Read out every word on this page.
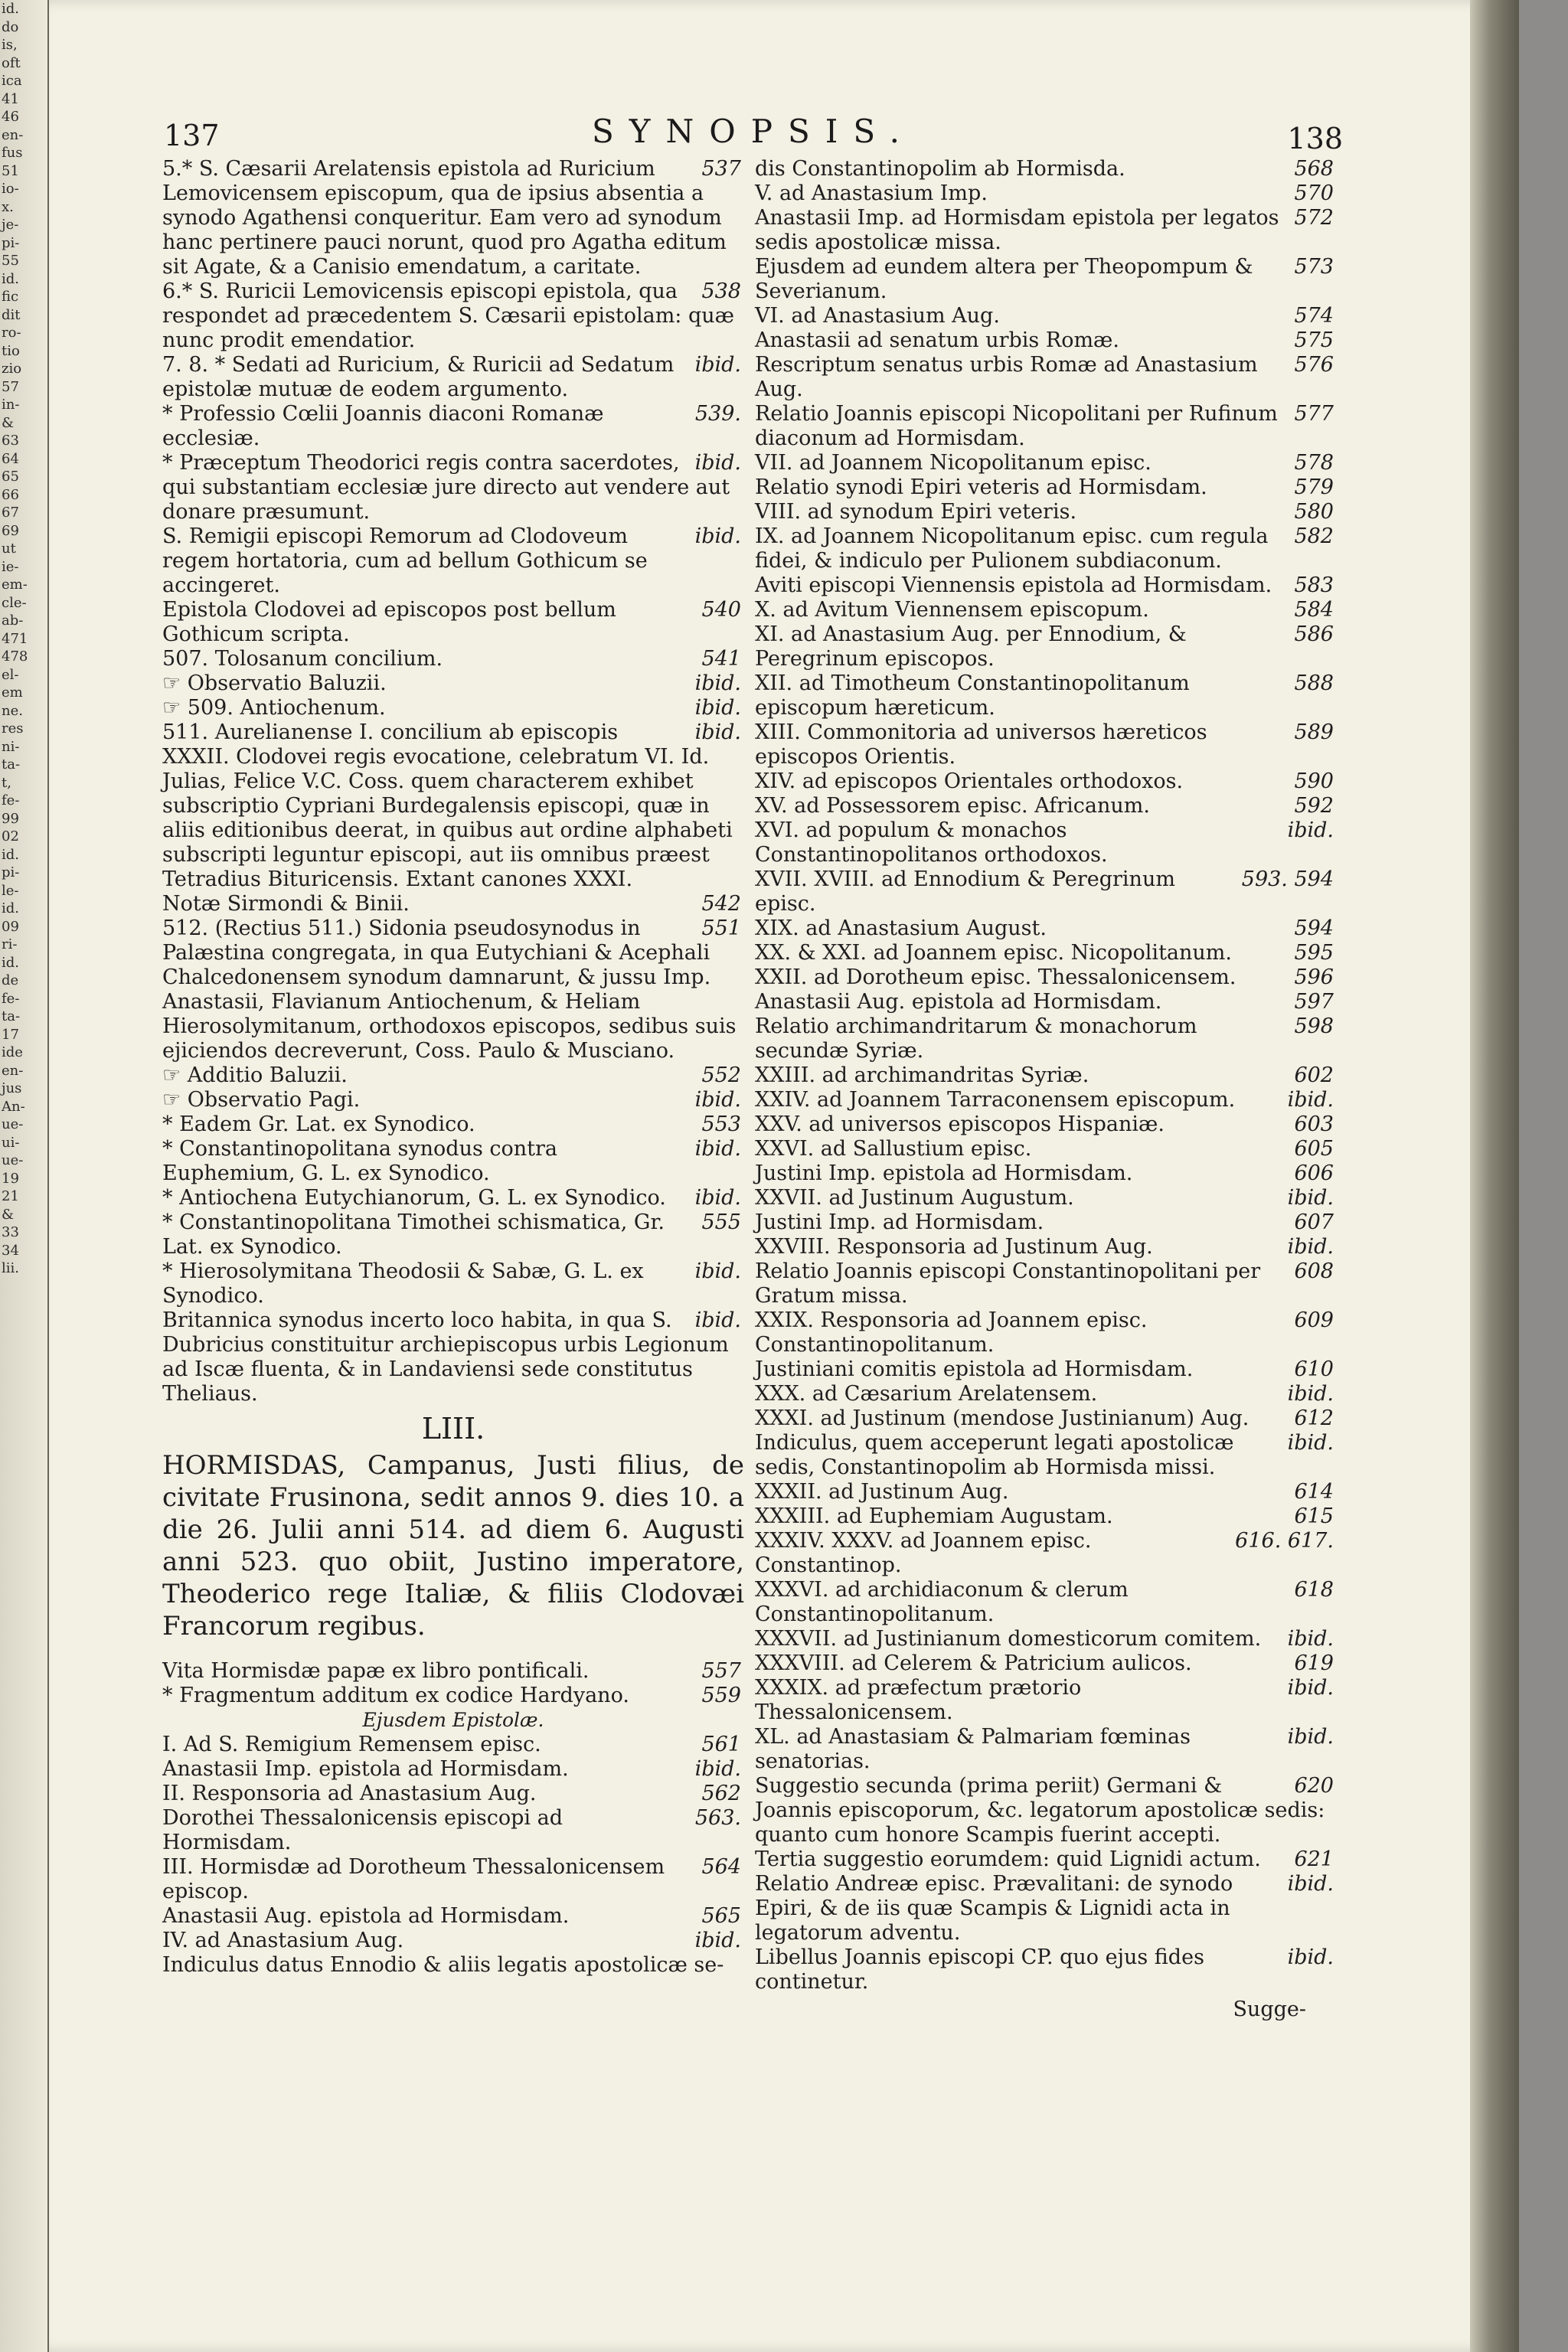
id.
do
is,
oft
ica
41
46
en-
fus
51
io-
x.
je-
pi-
55
id.
fic
dit
ro-
tio
zio
57
in-
&
63
64
65
66
67
69
ut
ie-
em-
cle-
ab-
471
478
el-
em
ne.
res
ni-
ta-
t,
fe-
99
02
id.
pi-
le-
id.
09
ri-
id.
de
fe-
ta-
17
ide
en-
jus
An-
ue-
ui-
ue-
19
21
&
33
34
lii.
137	SYNOPSIS.	138
537
5.* S. Cæsarii Arelatensis epistola ad Ruricium Lemovicensem episcopum, qua de ipsius absentia a synodo Agathensi conqueritur. Eam vero ad synodum hanc pertinere pauci norunt, quod pro Agatha editum sit Agate, & a Canisio emendatum, a caritate.
538
6.* S. Ruricii Lemovicensis episcopi epistola, qua respondet ad præcedentem S. Cæsarii epistolam: quæ nunc prodit emendatior.
ibid.
7. 8. * Sedati ad Ruricium, & Ruricii ad Sedatum epistolæ mutuæ de eodem argumento.
539.
* Professio Cœlii Joannis diaconi Romanæ ecclesiæ.
ibid.
* Præceptum Theodorici regis contra sacerdotes, qui substantiam ecclesiæ jure directo aut vendere aut donare præsumunt.
ibid.
S. Remigii episcopi Remorum ad Clodoveum regem hortatoria, cum ad bellum Gothicum se accingeret.
540
Epistola Clodovei ad episcopos post bellum Gothicum scripta.
541
507. Tolosanum concilium.
ibid.
☞ Observatio Baluzii.
ibid.
☞ 509. Antiochenum.
ibid.
511. Aurelianense I. concilium ab episcopis XXXII. Clodovei regis evocatione, celebratum VI. Id. Julias, Felice V.C. Coss. quem characterem exhibet subscriptio Cypriani Burdegalensis episcopi, quæ in aliis editionibus deerat, in quibus aut ordine alphabeti subscripti leguntur episcopi, aut iis omnibus præest Tetradius Bituricensis. Extant canones XXXI.
542
Notæ Sirmondi & Binii.
551
512. (Rectius 511.) Sidonia pseudosynodus in Palæstina congregata, in qua Eutychiani & Acephali Chalcedonensem synodum damnarunt, & jussu Imp. Anastasii, Flavianum Antiochenum, & Heliam Hierosolymitanum, orthodoxos episcopos, sedibus suis ejiciendos decreverunt, Coss. Paulo & Musciano.
552
☞ Additio Baluzii.
ibid.
☞ Observatio Pagi.
553
* Eadem Gr. Lat. ex Synodico.
ibid.
* Constantinopolitana synodus contra Euphemium, G. L. ex Synodico.
ibid.
* Antiochena Eutychianorum, G. L. ex Synodico.
555
* Constantinopolitana Timothei schismatica, Gr. Lat. ex Synodico.
ibid.
* Hierosolymitana Theodosii & Sabæ, G. L. ex Synodico.
ibid.
Britannica synodus incerto loco habita, in qua S. Dubricius constituitur archiepiscopus urbis Legionum ad Iscæ fluenta, & in Landaviensi sede constitutus Theliaus.
LIII.
HORMISDAS, Campanus, Justi filius, de civitate Frusinona, sedit annos 9. dies 10. a die 26. Julii anni 514. ad diem 6. Augusti anni 523. quo obiit, Justino imperatore, Theoderico rege Italiæ, & filiis Clodovæi Francorum regibus.
557
Vita Hormisdæ papæ ex libro pontificali.
559
* Fragmentum additum ex codice Hardyano.
Ejusdem Epistolæ.
561
I. Ad S. Remigium Remensem episc.
ibid.
Anastasii Imp. epistola ad Hormisdam.
562
II. Responsoria ad Anastasium Aug.
563.
Dorothei Thessalonicensis episcopi ad Hormisdam.
564
III. Hormisdæ ad Dorotheum Thessalonicensem episcop.
565
Anastasii Aug. epistola ad Hormisdam.
ibid.
IV. ad Anastasium Aug.
Indiculus datus Ennodio & aliis legatis apostolicæ se-
568
dis Constantinopolim ab Hormisda.
570
V. ad Anastasium Imp.
572
Anastasii Imp. ad Hormisdam epistola per legatos sedis apostolicæ missa.
573
Ejusdem ad eundem altera per Theopompum & Severianum.
574
VI. ad Anastasium Aug.
575
Anastasii ad senatum urbis Romæ.
576
Rescriptum senatus urbis Romæ ad Anastasium Aug.
577
Relatio Joannis episcopi Nicopolitani per Rufinum diaconum ad Hormisdam.
578
VII. ad Joannem Nicopolitanum episc.
579
Relatio synodi Epiri veteris ad Hormisdam.
580
VIII. ad synodum Epiri veteris.
582
IX. ad Joannem Nicopolitanum episc. cum regula fidei, & indiculo per Pulionem subdiaconum.
583
Aviti episcopi Viennensis epistola ad Hormisdam.
584
X. ad Avitum Viennensem episcopum.
586
XI. ad Anastasium Aug. per Ennodium, & Peregrinum episcopos.
588
XII. ad Timotheum Constantinopolitanum episcopum hæreticum.
589
XIII. Commonitoria ad universos hæreticos episcopos Orientis.
590
XIV. ad episcopos Orientales orthodoxos.
592
XV. ad Possessorem episc. Africanum.
ibid.
XVI. ad populum & monachos Constantinopolitanos orthodoxos.
593. 594
XVII. XVIII. ad Ennodium & Peregrinum episc.
594
XIX. ad Anastasium August.
595
XX. & XXI. ad Joannem episc. Nicopolitanum.
596
XXII. ad Dorotheum episc. Thessalonicensem.
597
Anastasii Aug. epistola ad Hormisdam.
598
Relatio archimandritarum & monachorum secundæ Syriæ.
602
XXIII. ad archimandritas Syriæ.
ibid.
XXIV. ad Joannem Tarraconensem episcopum.
603
XXV. ad universos episcopos Hispaniæ.
605
XXVI. ad Sallustium episc.
606
Justini Imp. epistola ad Hormisdam.
ibid.
XXVII. ad Justinum Augustum.
607
Justini Imp. ad Hormisdam.
ibid.
XXVIII. Responsoria ad Justinum Aug.
608
Relatio Joannis episcopi Constantinopolitani per Gratum missa.
609
XXIX. Responsoria ad Joannem episc. Constantinopolitanum.
610
Justiniani comitis epistola ad Hormisdam.
ibid.
XXX. ad Cæsarium Arelatensem.
612
XXXI. ad Justinum (mendose Justinianum) Aug.
ibid.
Indiculus, quem acceperunt legati apostolicæ sedis, Constantinopolim ab Hormisda missi.
614
XXXII. ad Justinum Aug.
615
XXXIII. ad Euphemiam Augustam.
616. 617.
XXXIV. XXXV. ad Joannem episc. Constantinop.
618
XXXVI. ad archidiaconum & clerum Constantinopolitanum.
ibid.
XXXVII. ad Justinianum domesticorum comitem.
619
XXXVIII. ad Celerem & Patricium aulicos.
ibid.
XXXIX. ad præfectum prætorio Thessalonicensem.
ibid.
XL. ad Anastasiam & Palmariam fœminas senatorias.
620
Suggestio secunda (prima periit) Germani & Joannis episcoporum, &c. legatorum apostolicæ sedis: quanto cum honore Scampis fuerint accepti.
621
Tertia suggestio eorumdem: quid Lignidi actum.
ibid.
Relatio Andreæ episc. Prævalitani: de synodo Epiri, & de iis quæ Scampis & Lignidi acta in legatorum adventu.
ibid.
Libellus Joannis episcopi CP. quo ejus fides continetur.
Sugge-
